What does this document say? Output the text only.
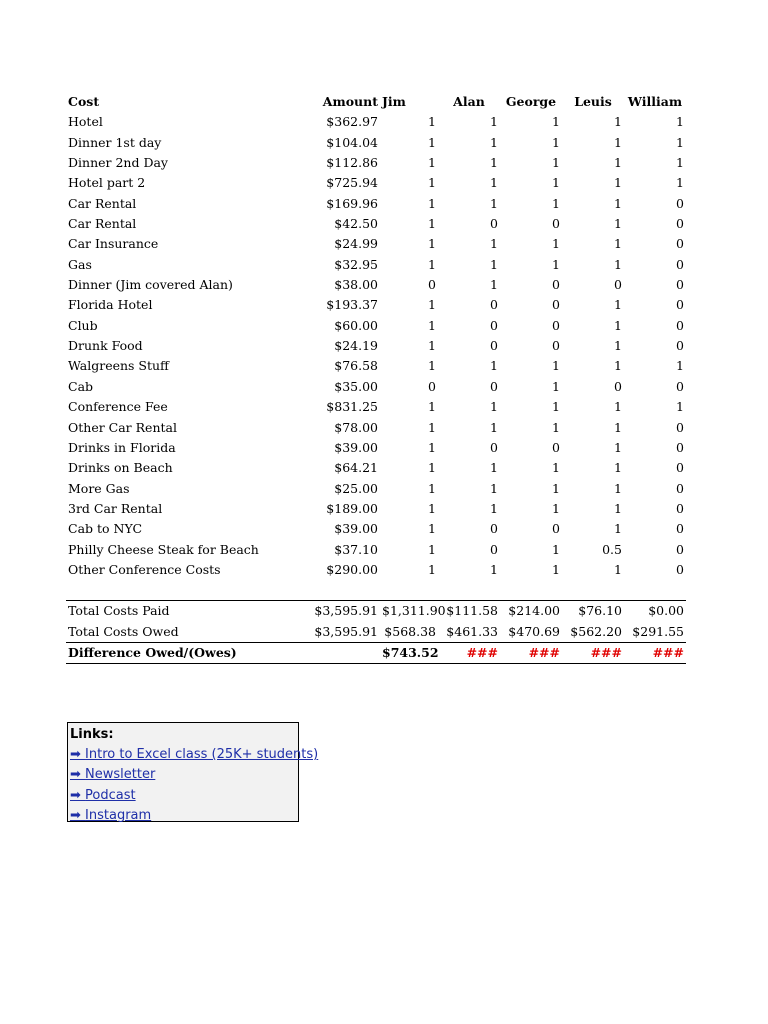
Cost	Amount	Jim	Alan	George	Leuis	William
Hotel	$362.97	1	1	1	1	1
Dinner 1st day	$104.04	1	1	1	1	1
Dinner 2nd Day	$112.86	1	1	1	1	1
Hotel part 2	$725.94	1	1	1	1	1
Car Rental	$169.96	1	1	1	1	0
Car Rental	$42.50	1	0	0	1	0
Car Insurance	$24.99	1	1	1	1	0
Gas	$32.95	1	1	1	1	0
Dinner (Jim covered Alan)	$38.00	0	1	0	0	0
Florida Hotel	$193.37	1	0	0	1	0
Club	$60.00	1	0	0	1	0
Drunk Food	$24.19	1	0	0	1	0
Walgreens Stuff	$76.58	1	1	1	1	1
Cab	$35.00	0	0	1	0	0
Conference Fee	$831.25	1	1	1	1	1
Other Car Rental	$78.00	1	1	1	1	0
Drinks in Florida	$39.00	1	0	0	1	0
Drinks on Beach	$64.21	1	1	1	1	0
More Gas	$25.00	1	1	1	1	0
3rd Car Rental	$189.00	1	1	1	1	0
Cab to NYC	$39.00	1	0	0	1	0
Philly Cheese Steak for Beach	$37.10	1	0	1	0.5	0
Other Conference Costs	$290.00	1	1	1	1	0

Total Costs Paid	$3,595.91	$1,311.90	$111.58	$214.00	$76.10	$0.00
Total Costs Owed	$3,595.91	$568.38	$461.33	$470.69	$562.20	$291.55
Difference Owed/(Owes)		$743.52	###	###	###	###
Links:
➡ Intro to Excel class (25K+ students)
➡ Newsletter
➡ Podcast
➡ Instagram
